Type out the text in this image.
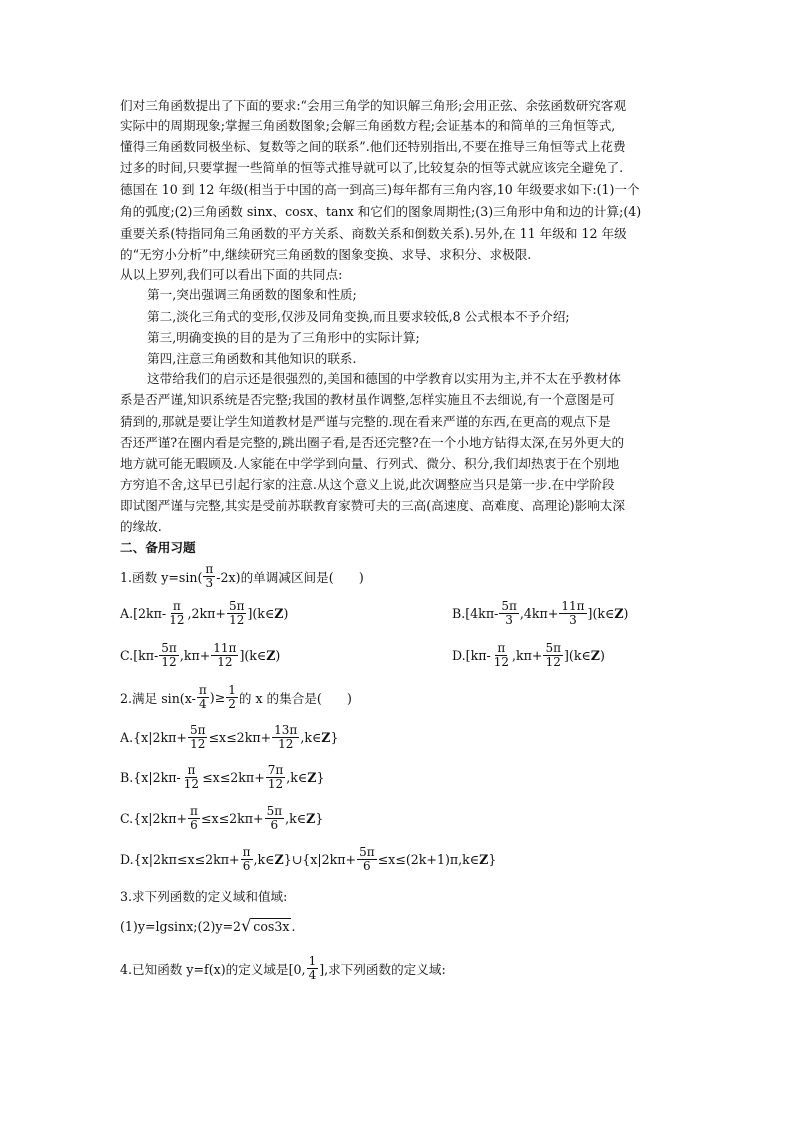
们对三角函数提出了下面的要求:“会用三角学的知识解三角形;会用正弦、余弦函数研究客观
实际中的周期现象;掌握三角函数图象;会解三角函数方程;会证基本的和简单的三角恒等式,
懂得三角函数同极坐标、复数等之间的联系”.他们还特别指出,不要在推导三角恒等式上花费
过多的时间,只要掌握一些简单的恒等式推导就可以了,比较复杂的恒等式就应该完全避免了.
德国在 10 到 12 年级(相当于中国的高一到高三)每年都有三角内容,10 年级要求如下:(1)一个
角的弧度;(2)三角函数 sinx、cosx、tanx 和它们的图象周期性;(3)三角形中角和边的计算;(4)
重要关系(特指同角三角函数的平方关系、商数关系和倒数关系).另外,在 11 年级和 12 年级
的“无穷小分析”中,继续研究三角函数的图象变换、求导、求积分、求极限.
从以上罗列,我们可以看出下面的共同点:
第一,突出强调三角函数的图象和性质;
第二,淡化三角式的变形,仅涉及同角变换,而且要求较低,8 公式根本不予介绍;
第三,明确变换的目的是为了三角形中的实际计算;
第四,注意三角函数和其他知识的联系.
这带给我们的启示还是很强烈的,美国和德国的中学教育以实用为主,并不太在乎教材体
系是否严谨,知识系统是否完整;我国的教材虽作调整,怎样实施且不去细说,有一个意图是可
猜到的,那就是要让学生知道教材是严谨与完整的.现在看来严谨的东西,在更高的观点下是
否还严谨?在圈内看是完整的,跳出圈子看,是否还完整?在一个小地方钻得太深,在另外更大的
地方就可能无暇顾及.人家能在中学学到向量、行列式、微分、积分,我们却热衷于在个别地
方穷追不舍,这早已引起行家的注意.从这个意义上说,此次调整应当只是第一步.在中学阶段
即试图严谨与完整,其实是受前苏联教育家赞可夫的三高(高速度、高难度、高理论)影响太深
的缘故.
二、备用习题
1.函数 $y=\sin( \frac{\pi}{3} -2x)$的单调减区间是(　　)
$A.[2k\pi- \frac{\pi}{12} ,2k\pi+ \frac{5\pi}{12}$ ](k∈ Z )	$B.[4k\pi- \frac{5\pi}{3} ,4k\pi+ \frac{11\pi}{3}$ ](k∈ Z )
$C.[k\pi- \frac{5\pi}{12} ,k\pi+ \frac{11\pi}{12}$ ](k∈ Z )	$D.[k\pi- \frac{\pi}{12} ,k\pi+ \frac{5\pi}{12}$ ](k∈ Z )
2.满足 $\sin(x- \frac{\pi}{4}$ )≥ $\frac{1}{2}$ 的 x 的集合是(　　)
$A.\{x|2k\pi+ \frac{5\pi}{12} \le x\le 2k\pi+ \frac{13\pi}{12}$ ,k∈ Z }
$B.\{x|2k\pi- \frac{\pi}{12} \le x\le 2k\pi+ \frac{7\pi}{12}$ ,k∈ Z }
$C.\{x|2k\pi+ \frac{\pi}{6} \le x\le 2k\pi+ \frac{5\pi}{6}$ ,k∈ Z }
$D.\{x|2k\pi\le x\le 2k\pi+ \frac{\pi}{6}$ ,k∈ Z }∪{x|2kπ+ $\frac{5\pi}{6}$ ≤x≤(2k+1)π,k∈ Z }
3.求下列函数的定义域和值域:
(1)y=lgsinx;(2)y=2 √ cos3x .
4.已知函数 y=f(x)的定义域是[0, $\frac{1}{4}$ ],求下列函数的定义域:
